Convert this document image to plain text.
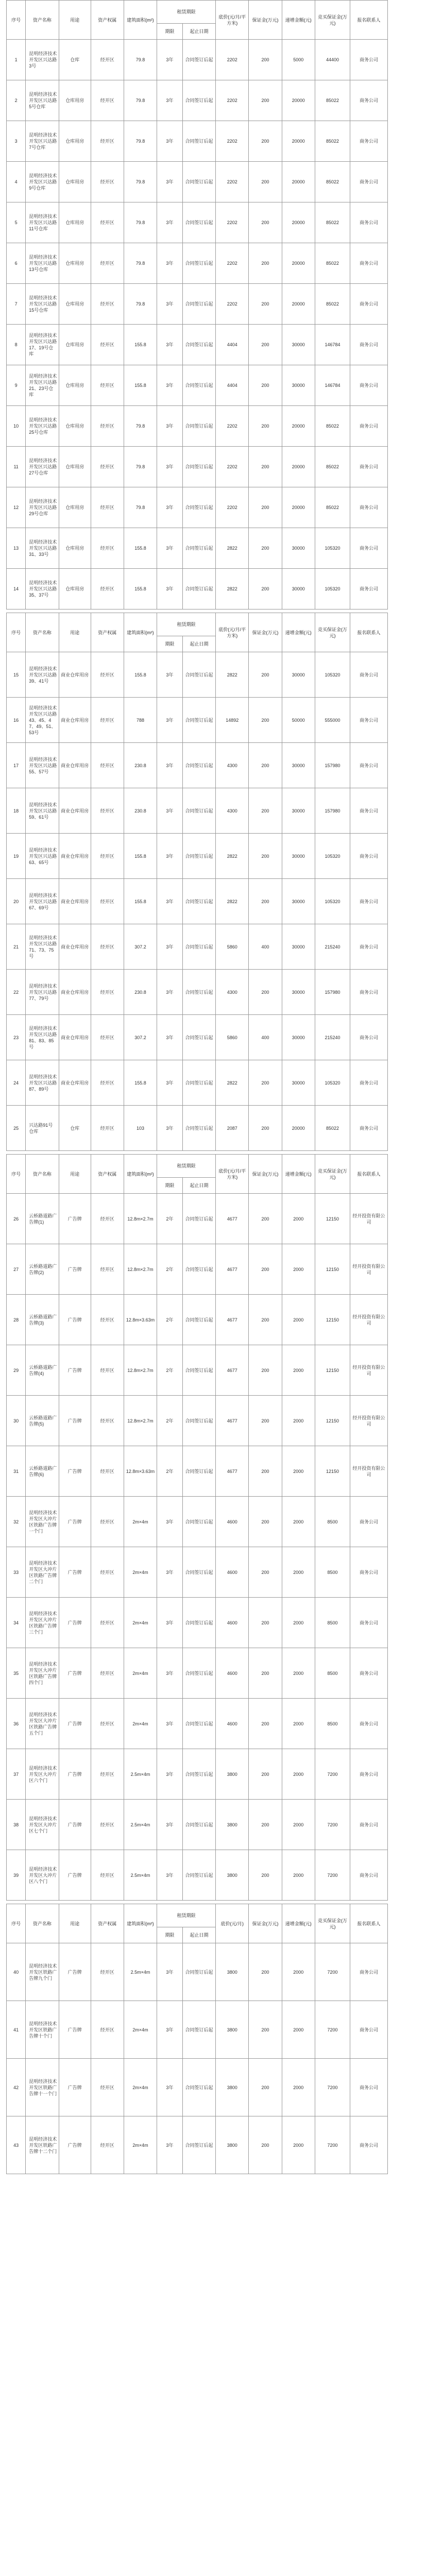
序号	资产名称	用途	资产权属	建筑面积(m²)	租赁期限		底价(元/月/平方米)	保证金(万元)	递增金额(元)	竞买保证金(万元)	报名联系人
					期限	起止日期					
1	昆明经济技术开发区兴达路3号	仓库	经开区	79.8	3年	合同签订后起	2202	200	5000	44400	商务公司
2	昆明经济技术开发区兴达路5号仓库	仓库用房	经开区	79.8	3年	合同签订后起	2202	200	20000	85022	商务公司
3	昆明经济技术开发区兴达路7号仓库	仓库用房	经开区	79.8	3年	合同签订后起	2202	200	20000	85022	商务公司
4	昆明经济技术开发区兴达路9号仓库	仓库用房	经开区	79.8	3年	合同签订后起	2202	200	20000	85022	商务公司
5	昆明经济技术开发区兴达路11号仓库	仓库用房	经开区	79.8	3年	合同签订后起	2202	200	20000	85022	商务公司
6	昆明经济技术开发区兴达路13号仓库	仓库用房	经开区	79.8	3年	合同签订后起	2202	200	20000	85022	商务公司
7	昆明经济技术开发区兴达路15号仓库	仓库用房	经开区	79.8	3年	合同签订后起	2202	200	20000	85022	商务公司
8	昆明经济技术开发区兴达路17、19号仓库	仓库用房	经开区	155.8	3年	合同签订后起	4404	200	30000	146784	商务公司
9	昆明经济技术开发区兴达路21、23号仓库	仓库用房	经开区	155.8	3年	合同签订后起	4404	200	30000	146784	商务公司
10	昆明经济技术开发区兴达路25号仓库	仓库用房	经开区	79.8	3年	合同签订后起	2202	200	20000	85022	商务公司
11	昆明经济技术开发区兴达路27号仓库	仓库用房	经开区	79.8	3年	合同签订后起	2202	200	20000	85022	商务公司
12	昆明经济技术开发区兴达路29号仓库	仓库用房	经开区	79.8	3年	合同签订后起	2202	200	20000	85022	商务公司
13	昆明经济技术开发区兴达路31、33号	仓库用房	经开区	155.8	3年	合同签订后起	2822	200	30000	105320	商务公司
14	昆明经济技术开发区兴达路35、37号	仓库用房	经开区	155.8	3年	合同签订后起	2822	200	30000	105320	商务公司
序号	资产名称	用途	资产权属	建筑面积(m²)	租赁期限		底价(元/月/平方米)	保证金(万元)	递增金额(元)	竞买保证金(万元)	报名联系人
					期限	起止日期					
15	昆明经济技术开发区兴达路39、41号	商业仓库用房	经开区	155.8	3年	合同签订后起	2822	200	30000	105320	商务公司
16	昆明经济技术开发区兴达路43、45、47、49、51、53号	商业仓库用房	经开区	788	3年	合同签订后起	14892	200	50000	555000	商务公司
17	昆明经济技术开发区兴达路55、57号	商业仓库用房	经开区	230.8	3年	合同签订后起	4300	200	30000	157980	商务公司
18	昆明经济技术开发区兴达路59、61号	商业仓库用房	经开区	230.8	3年	合同签订后起	4300	200	30000	157980	商务公司
19	昆明经济技术开发区兴达路63、65号	商业仓库用房	经开区	155.8	3年	合同签订后起	2822	200	30000	105320	商务公司
20	昆明经济技术开发区兴达路67、69号	商业仓库用房	经开区	155.8	3年	合同签订后起	2822	200	30000	105320	商务公司
21	昆明经济技术开发区兴达路71、73、75号	商业仓库用房	经开区	307.2	3年	合同签订后起	5860	400	30000	215240	商务公司
22	昆明经济技术开发区兴达路77、79号	商业仓库用房	经开区	230.8	3年	合同签订后起	4300	200	30000	157980	商务公司
23	昆明经济技术开发区兴达路81、83、85号	商业仓库用房	经开区	307.2	3年	合同签订后起	5860	400	30000	215240	商务公司
24	昆明经济技术开发区兴达路87、89号	商业仓库用房	经开区	155.8	3年	合同签订后起	2822	200	30000	105320	商务公司
25	兴达路91号仓库	仓库	经开区	103	3年	合同签订后起	2087	200	20000	85022	商务公司
序号	资产名称	用途	资产权属	建筑面积(m²)	租赁期限		底价(元/月/平方米)	保证金(万元)	递增金额(元)	竞买保证金(万元)	报名联系人
					期限	起止日期					
26	云桥路道路广告牌(1)	广告牌	经开区	12.8m×2.7m	2年	合同签订后起	4677	200	2000	12150	经开投资有限公司
27	云桥路道路广告牌(2)	广告牌	经开区	12.8m×2.7m	2年	合同签订后起	4677	200	2000	12150	经开投资有限公司
28	云桥路道路广告牌(3)	广告牌	经开区	12.8m×3.63m	2年	合同签订后起	4677	200	2000	12150	经开投资有限公司
29	云桥路道路广告牌(4)	广告牌	经开区	12.8m×2.7m	2年	合同签订后起	4677	200	2000	12150	经开投资有限公司
30	云桥路道路广告牌(5)	广告牌	经开区	12.8m×2.7m	2年	合同签订后起	4677	200	2000	12150	经开投资有限公司
31	云桥路道路广告牌(6)	广告牌	经开区	12.8m×3.63m	2年	合同签订后起	4677	200	2000	12150	经开投资有限公司
32	昆明经济技术开发区大冲片区铁路广告牌一个门	广告牌	经开区	2m×4m	3年	合同签订后起	4600	200	2000	8500	商务公司
33	昆明经济技术开发区大冲片区铁路广告牌二个门	广告牌	经开区	2m×4m	3年	合同签订后起	4600	200	2000	8500	商务公司
34	昆明经济技术开发区大冲片区铁路广告牌三个门	广告牌	经开区	2m×4m	3年	合同签订后起	4600	200	2000	8500	商务公司
35	昆明经济技术开发区大冲片区铁路广告牌四个门	广告牌	经开区	2m×4m	3年	合同签订后起	4600	200	2000	8500	商务公司
36	昆明经济技术开发区大冲片区铁路广告牌五个门	广告牌	经开区	2m×4m	3年	合同签订后起	4600	200	2000	8500	商务公司
37	昆明经济技术开发区大冲片区六个门	广告牌	经开区	2.5m×4m	3年	合同签订后起	3800	200	2000	7200	商务公司
38	昆明经济技术开发区大冲片区七个门	广告牌	经开区	2.5m×4m	3年	合同签订后起	3800	200	2000	7200	商务公司
39	昆明经济技术开发区大冲片区八个门	广告牌	经开区	2.5m×4m	3年	合同签订后起	3800	200	2000	7200	商务公司
序号	资产名称	用途	资产权属	建筑面积(m²)	租赁期限		底价(元/月)	保证金(万元)	递增金额(元)	竞买保证金(万元)	报名联系人
					期限	起止日期					
40	昆明经济技术开发区铁路广告牌九个门	广告牌	经开区	2.5m×4m	3年	合同签订后起	3800	200	2000	7200	商务公司
41	昆明经济技术开发区铁路广告牌十个门	广告牌	经开区	2m×4m	3年	合同签订后起	3800	200	2000	7200	商务公司
42	昆明经济技术开发区铁路广告牌十一个门	广告牌	经开区	2m×4m	3年	合同签订后起	3800	200	2000	7200	商务公司
43	昆明经济技术开发区铁路广告牌十二个门	广告牌	经开区	2m×4m	3年	合同签订后起	3800	200	2000	7200	商务公司
